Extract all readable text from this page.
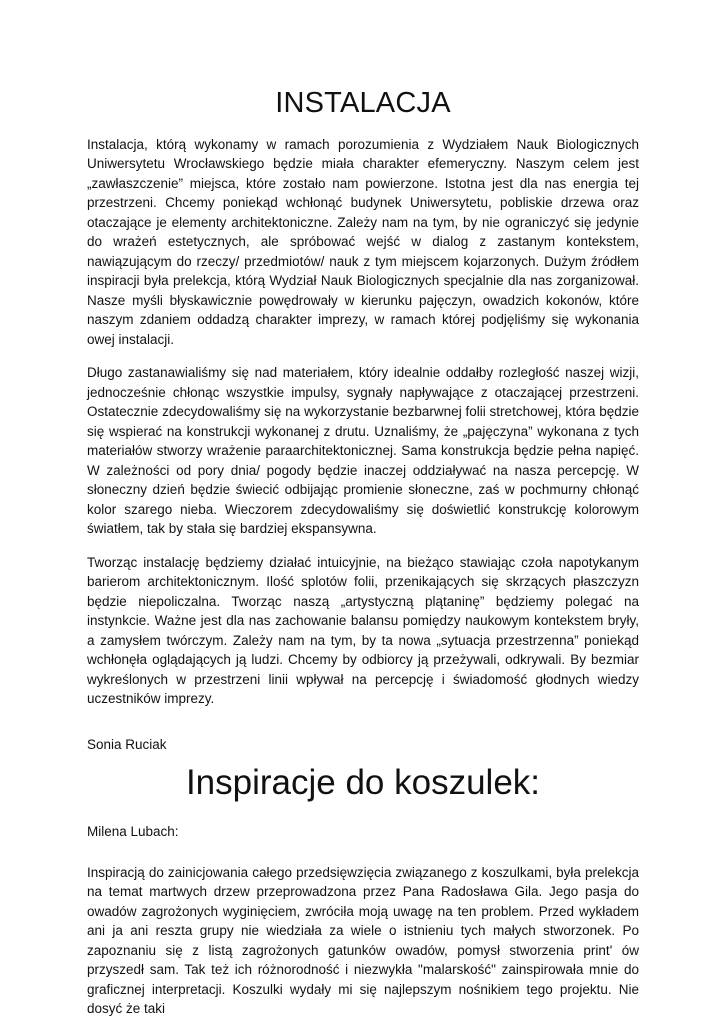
INSTALACJA

Instalacja, którą wykonamy w ramach porozumienia z Wydziałem Nauk Biologicznych Uniwersytetu Wrocławskiego będzie miała charakter efemeryczny. Naszym celem jest „zawłaszczenie” miejsca, które zostało nam powierzone. Istotna jest dla nas energia tej przestrzeni. Chcemy poniekąd wchłonąć budynek Uniwersytetu, pobliskie drzewa oraz otaczające je elementy architektoniczne. Zależy nam na tym, by nie ograniczyć się jedynie do wrażeń estetycznych, ale spróbować wejść w dialog z zastanym kontekstem, nawiązującym do rzeczy/ przedmiotów/ nauk z tym miejscem kojarzonych. Dużym źródłem inspiracji była prelekcja, którą Wydział Nauk Biologicznych specjalnie dla nas zorganizował. Nasze myśli błyskawicznie powędrowały w kierunku pajęczyn, owadzich kokonów, które naszym zdaniem oddadzą charakter imprezy, w ramach której podjęliśmy się wykonania owej instalacji.

Długo zastanawialiśmy się nad materiałem, który idealnie oddałby rozległość naszej wizji, jednocześnie chłonąc wszystkie impulsy, sygnały napływające z otaczającej przestrzeni. Ostatecznie zdecydowaliśmy się na wykorzystanie bezbarwnej folii stretchowej, która będzie się wspierać na konstrukcji wykonanej z drutu. Uznaliśmy, że „pajęczyna” wykonana z tych materiałów stworzy wrażenie paraarchitektonicznej. Sama konstrukcja będzie pełna napięć. W zależności od pory dnia/ pogody będzie inaczej oddziaływać na nasza percepcję. W słoneczny dzień będzie świecić odbijając promienie słoneczne, zaś w pochmurny chłonąć kolor szarego nieba. Wieczorem zdecydowaliśmy się doświetlić konstrukcję kolorowym światłem, tak by stała się bardziej ekspansywna.

Tworząc instalację będziemy działać intuicyjnie, na bieżąco stawiając czoła napotykanym barierom architektonicznym. Ilość splotów folii, przenikających się skrzących płaszczyzn będzie niepoliczalna. Tworząc naszą „artystyczną plątaninę” będziemy polegać na instynkcie. Ważne jest dla nas zachowanie balansu pomiędzy naukowym kontekstem bryły, a zamysłem twórczym. Zależy nam na tym, by ta nowa „sytuacja przestrzenna” poniekąd wchłonęła oglądających ją ludzi. Chcemy by odbiorcy ją przeżywali, odkrywali. By bezmiar wykreślonych w przestrzeni linii wpływał na percepcję i świadomość głodnych wiedzy uczestników imprezy.

Sonia Ruciak
Inspiracje do koszulek:
Milena Lubach:

Inspiracją do zainicjowania całego przedsięwzięcia związanego z koszulkami, była prelekcja na temat martwych drzew przeprowadzona przez Pana Radosława Gila. Jego pasja do owadów zagrożonych wyginięciem, zwróciła moją uwagę na ten problem. Przed wykładem ani ja ani reszta grupy nie wiedziała za wiele o istnieniu tych małych stworzonek. Po zapoznaniu się z listą zagrożonych gatunków owadów, pomysł stworzenia print' ów przyszedł sam. Tak też ich różnorodność i niezwykła "malarskość" zainspirowała mnie do graficznej interpretacji. Koszulki wydały mi się najlepszym nośnikiem tego projektu. Nie dosyć że taki
